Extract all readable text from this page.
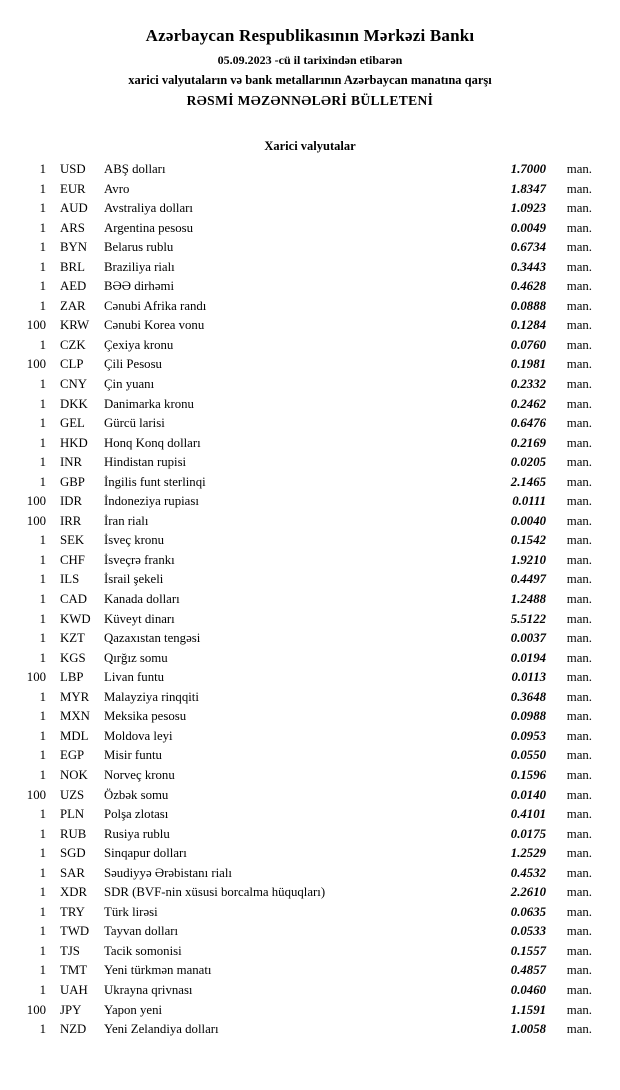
Azərbaycan Respublikasının Mərkəzi Bankı
05.09.2023 -cü il tarixindən etibarən
xarici valyutaların və bank metallarının Azərbaycan manatına qarşı
RƏSMİ MƏZƏNNƏLƏRİ BÜLLETENİ
Xarici valyutalar
1	USD	ABŞ dolları	1.7000	man.
1	EUR	Avro	1.8347	man.
1	AUD	Avstraliya dolları	1.0923	man.
1	ARS	Argentina pesosu	0.0049	man.
1	BYN	Belarus rublu	0.6734	man.
1	BRL	Braziliya rialı	0.3443	man.
1	AED	BƏƏ dirhəmi	0.4628	man.
1	ZAR	Cənubi Afrika randı	0.0888	man.
100	KRW	Cənubi Korea vonu	0.1284	man.
1	CZK	Çexiya kronu	0.0760	man.
100	CLP	Çili Pesosu	0.1981	man.
1	CNY	Çin yuanı	0.2332	man.
1	DKK	Danimarka kronu	0.2462	man.
1	GEL	Gürcü larisi	0.6476	man.
1	HKD	Honq Konq dolları	0.2169	man.
1	INR	Hindistan rupisi	0.0205	man.
1	GBP	İngilis funt sterlinqi	2.1465	man.
100	IDR	İndoneziya rupiası	0.0111	man.
100	IRR	İran rialı	0.0040	man.
1	SEK	İsveç kronu	0.1542	man.
1	CHF	İsveçrə frankı	1.9210	man.
1	ILS	İsrail şekeli	0.4497	man.
1	CAD	Kanada dolları	1.2488	man.
1	KWD	Küveyt dinarı	5.5122	man.
1	KZT	Qazaxıstan tengəsi	0.0037	man.
1	KGS	Qırğız somu	0.0194	man.
100	LBP	Livan funtu	0.0113	man.
1	MYR	Malayziya rinqqiti	0.3648	man.
1	MXN	Meksika pesosu	0.0988	man.
1	MDL	Moldova leyi	0.0953	man.
1	EGP	Misir funtu	0.0550	man.
1	NOK	Norveç kronu	0.1596	man.
100	UZS	Özbək somu	0.0140	man.
1	PLN	Polşa zlotası	0.4101	man.
1	RUB	Rusiya rublu	0.0175	man.
1	SGD	Sinqapur dolları	1.2529	man.
1	SAR	Səudiyyə Ərəbistanı rialı	0.4532	man.
1	XDR	SDR (BVF-nin xüsusi borcalma hüquqları)	2.2610	man.
1	TRY	Türk lirəsi	0.0635	man.
1	TWD	Tayvan dolları	0.0533	man.
1	TJS	Tacik somonisi	0.1557	man.
1	TMT	Yeni türkmən manatı	0.4857	man.
1	UAH	Ukrayna qrivnası	0.0460	man.
100	JPY	Yapon yeni	1.1591	man.
1	NZD	Yeni Zelandiya dolları	1.0058	man.
